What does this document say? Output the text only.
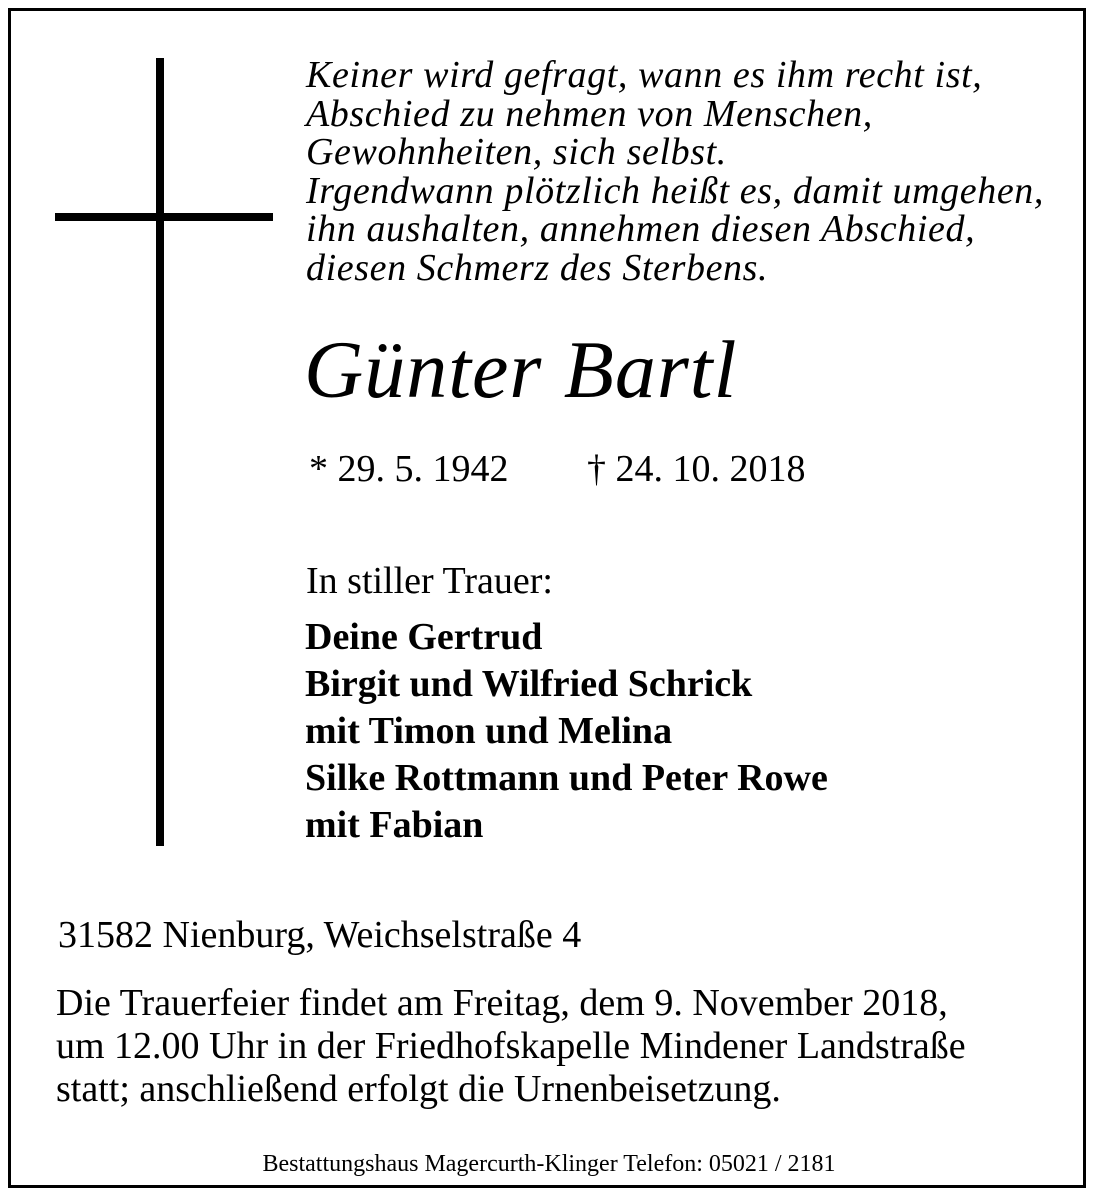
Keiner wird gefragt, wann es ihm recht ist,
Abschied zu nehmen von Menschen,
Gewohnheiten, sich selbst.
Irgendwann plötzlich heißt es, damit umgehen,
ihn aushalten, annehmen diesen Abschied,
diesen Schmerz des Sterbens.
Günter Bartl
* 29. 5. 1942 † 24. 10. 2018
In stiller Trauer:
Deine Gertrud
Birgit und Wilfried Schrick
mit Timon und Melina
Silke Rottmann und Peter Rowe
mit Fabian
31582 Nienburg, Weichselstraße 4
Die Trauerfeier findet am Freitag, dem 9. November 2018,
um 12.00 Uhr in der Friedhofskapelle Mindener Landstraße
statt; anschließend erfolgt die Urnenbeisetzung.
Bestattungshaus Magercurth-Klinger Telefon: 05021 / 2181
